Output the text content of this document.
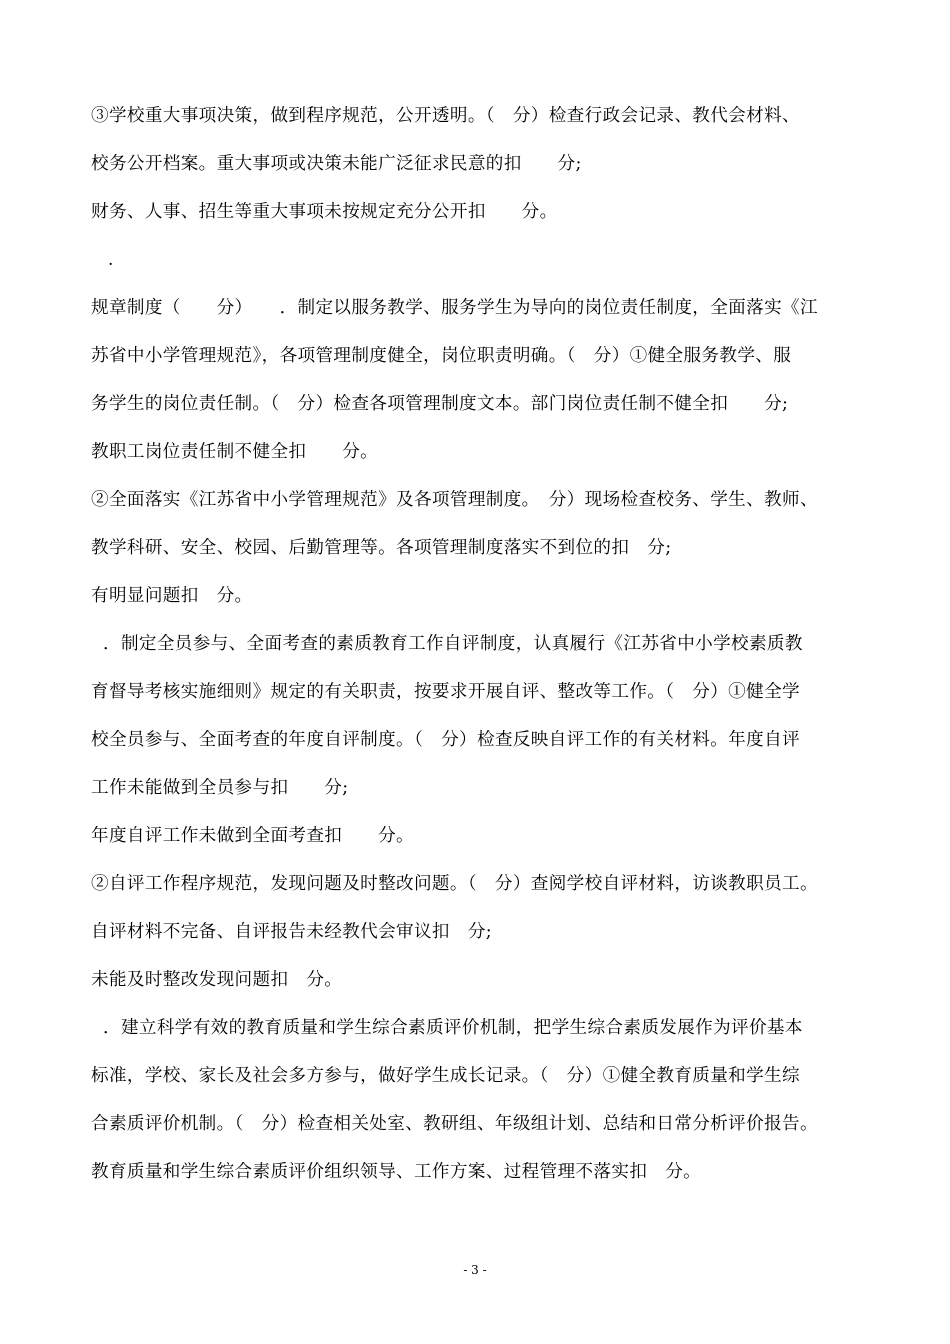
③学校重大事项决策，做到程序规范，公开透明。（　分）检查行政会记录、教代会材料、
校务公开档案。重大事项或决策未能广泛征求民意的扣　　分;
财务、人事、招生等重大事项未按规定充分公开扣　　分。
.
规章制度（　　分）　　．制定以服务教学、服务学生为导向的岗位责任制度，全面落实《江
苏省中小学管理规范》，各项管理制度健全，岗位职责明确。（　分）①健全服务教学、服
务学生的岗位责任制。（　分）检查各项管理制度文本。部门岗位责任制不健全扣　　分;
教职工岗位责任制不健全扣　　分。
②全面落实《江苏省中小学管理规范》及各项管理制度。　分）现场检查校务、学生、教师、
教学科研、安全、校园、后勤管理等。各项管理制度落实不到位的扣　分;
有明显问题扣　分。
．制定全员参与、全面考查的素质教育工作自评制度，认真履行《江苏省中小学校素质教
育督导考核实施细则》规定的有关职责，按要求开展自评、整改等工作。（　分）①健全学
校全员参与、全面考查的年度自评制度。（　分）检查反映自评工作的有关材料。年度自评
工作未能做到全员参与扣　　分;
年度自评工作未做到全面考查扣　　分。
②自评工作程序规范，发现问题及时整改问题。（　分）查阅学校自评材料，访谈教职员工。
自评材料不完备、自评报告未经教代会审议扣　分;
未能及时整改发现问题扣　分。
．建立科学有效的教育质量和学生综合素质评价机制，把学生综合素质发展作为评价基本
标准，学校、家长及社会多方参与，做好学生成长记录。（　分）①健全教育质量和学生综
合素质评价机制。（　分）检查相关处室、教研组、年级组计划、总结和日常分析评价报告。
教育质量和学生综合素质评价组织领导、工作方案、过程管理不落实扣　分。
- 3 -
